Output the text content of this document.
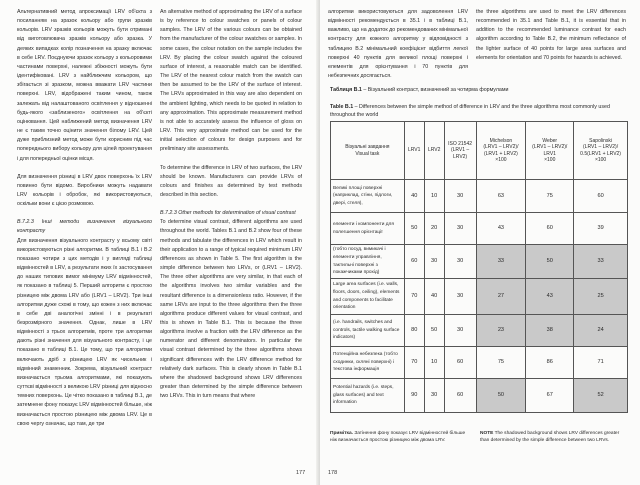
Альтернативний метод апроксимації LRV об'єкта з посиланням на зразок кольору або групи зразків кольорів. LRV зразків кольорів можуть бути отримані від виготовлювача зразків кольору або зразка. У деяких випадках колір позначення на зразку включає в себе LRV. Поєднуючи зразок кольору з кольоровими частинами поверхні, належні збіжності можуть бути ідентифіковані. LRV з найближчим кольором, що збігається зі зразком, можна вважати LRV частини поверхні. LRV, відображені таким чином, також залежать від налаштованого освітлення у відношенні будь-якого «заблизеного» освітлення на об'єкті оцінювання. Цей наближений метод визначення LRV не є таким точно оцінити значення білому LRV. Цей дуже приблизний метод може бути корисним під час попереднього вибору кольору для цілей проектування і для попередньої оцінки місця.

Для визначення різниці в LRV двох поверхонь їх LRV повинно бути відомо. Виробники можуть надавати LRV кольорів і обробок, які використовуються, оскільки вони є цією розмовою.

B.7.2.3 Інші методи визначення візуального контрасту

Для визначення візуального контрасту у всьому світі використовуються різні алгоритми. В таблиці В.1 і В.2 показано чотири з цих методів і у вигляді таблиці відмінностей в LRV, а результати яких їх застосування до наших типових вимог мінімуму LRV відмінностей, як показано в таблиці 5. Перший алгоритм є простою різницею між двома LRV або (LRV1 – LRV2). Три інші алгоритми дуже схожі в тому, що кожен з них включає в себе дві аналогічні змінні і в результаті безрозмірного значення. Однак, лише в LRV відмінності з трьох алгоритмів, проте три алгоритми дають різні значення для візуального контрасту, і це показано в таблиці В.1. Це тому, що три алгоритми включають дріб з різницею LRV як чисельник і відмінний знаменник. Зокрема, візуальний контраст визначається трьома алгоритмами, які показують суттєві відмінності з великою LRV різниці для відносно темних поверхонь. Це чітко показано в таблиці В.1, де затемнене фону показує LRV відмінностей більше, ніж визначається простою різницею між двома LRV. Це в свою чергу означає, що там, де три

An alternative method of approximating the LRV of a surface is by reference to colour swatches or panels of colour samples. The LRV of the various colours can be obtained from the manufacturer of the colour swatches or samples. In some cases, the colour notation on the sample includes the LRV. By placing the colour swatch against the coloured surface of interest, a reasonable match can be identified. The LRV of the nearest colour match from the swatch can then be assumed to be the LRV of the surface of interest. The LRVs approximated in this way are also dependent on the ambient lighting, which needs to be quoted in relation to any approximation. This approximate measurement method is not able to accurately assess the influence of gloss on LRV. This very approximate method can be used for the initial selection of colours for design purposes and for preliminary site assessments.

To determine the difference in LRV of two surfaces, the LRV should be known. Manufacturers can provide LRVs of colours and finishes as determined by test methods described in this section.

B.7.2.3 Other methods for determination of visual contrast

To determine visual contrast, different algorithms are used throughout the world. Tables B.1 and B.2 show four of these methods and tabulate the differences in LRV which result in their application to a range of typical required minimum LRV differences as shown in Table 5. The first algorithm is the simple difference between two LRVs, or (LRV1 – LRV2). The three other algorithms are very similar, in that each of the algorithms involves two similar variables and the resultant difference is a dimensionless ratio. However, if the same LRVs are input to the three algorithms then the three algorithms produce different values for visual contrast, and this is shown in Table B.1. This is because the three algorithms involve a fraction with the LRV difference as the numerator and different denominators. In particular the visual contrast determined by the three algorithms shows significant differences with the LRV difference method for relatively dark surfaces. This is clearly shown in Table B.1 where the shadowed background shows LRV differences greater than determined by the simple difference between two LRVs. This in turn means that where

177

алгоритми використовуються для задоволення LRV відмінності рекомендується в 35.1 і в таблиці В.1, важливо, що на додаток до рекомендованих мінімальної контрасту для кожного алгоритму у відповідності з таблицею В.2 мінімальний коефіцієнт відбиття легкої поверхні 40 пунктів для великої площі поверхні і елементів для орієнтування і 70 пунктів для небезпечних досягається.

the three algorithms are used to meet the LRV differences recommended in 35.1 and Table B.1, it is essential that in addition to the recommended luminance contrast for each algorithm according to Table B.2, the minimum reflectance of the lighter surface of 40 points for large area surfaces and elements for orientation and 70 points for hazards is achieved.

Таблиця В.1 – Візуальний контраст, визначений за чотирма формулами
Table B.1 – Differences between the simple method of difference in LRV and the three algorithms most commonly used throughout the world
Візуальні завдання
Visual task	LRV1	LRV2	ISO 21542
(LRV1 –
LRV2)	Michelson
(LRV1 – LRV2)/
(LRV1 + LRV2)
×100	Weber
(LRV1 – LRV2)/
LRV1
×100	Sapolinski
(LRV1 – LRV2)/
0.5(LRV1 + LRV2)
×100
Великі площі поверхні (наприклад, стіни, підлоги, двері, стеля),	40	10	30	63	75	60
елементи і компоненти для полегшення орієнтації	50	20	30	43	60	39
(тобто посуд, вимикачі і елементи управління, тактильні поверхні з покажчиками прохід)	60	30	30	33	50	33
Large area surfaces (i.e. walls, floors, doors, ceiling), elements and components to facilitate orientation	70	40	30	27	43	25
(i.e. handrails, switches and controls, tactile walking surface indicators)	80	50	30	23	38	24
Потенційна небезпека (тобто сходинки, скляні поверхні) і текстова інформація	70	10	60	75	86	71
Potential hazards (i.e. steps, glass surfaces) and text information	90	30	60	50	67	52
Примітка. Затінення фону показує LRV відмінностей більше ніж визначається простою різницею між двома LRV.
NOTE The shadowed background shows LRV differences greater than determined by the simple difference between two LRVs.
178
